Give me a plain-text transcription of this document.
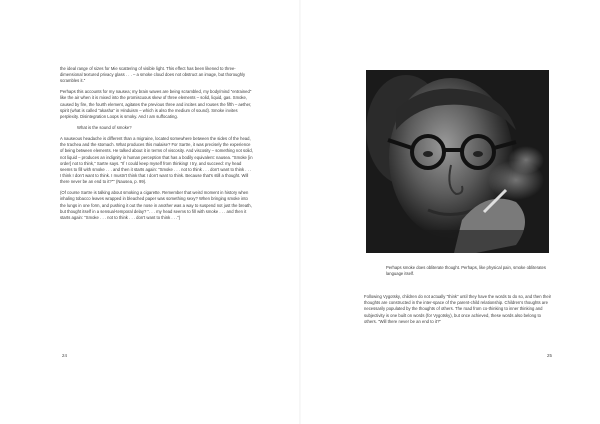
the ideal range of sizes for Mie scattering of visible light. This effect has been likened to three-dimensional textured privacy glass . . . – a smoke cloud does not obstruct an image, but thoroughly scrambles it."

Perhaps this accounts for my nausea; my brain waves are being scrambled, my body/mind "entrained" like the air when it is mixed into the promiscuous skew of three elements – solid, liquid, gas. Smoke, caused by fire, the fourth element, agitates the previous three and incites and rouses the fifth – aether, spirit (what is called "akasha" in Hinduism – which is also the medium of sound). Smoke invites perplexity. Disintegration Loops is smoky. And I am suffocating.

What is the sound of smoke?

A nauseous headache is different than a migraine, located somewhere between the sides of the head, the trachea and the stomach. What produces this malaise? For Sartre, it was precisely the experience of being between elements. He talked about it in terms of viscosity. And viscosity – something not solid, not liquid – produces an indignity in human perception that has a bodily equivalent: nausea. "Smoke [in order] not to think," Sartre says. "If I could keep myself from thinking! I try, and succeed: my head seems to fill with smoke . . . and then it starts again: "Smoke . . . not to think . . . don't want to think . . . I think I don't want to think. I mustn't think that I don't want to think. Because that's still a thought. Will there never be an end to it?"" (Nausea, p. 99).

(Of course Sartre is talking about smoking a cigarette. Remember that weird moment in history when inhaling tobacco leaves wrapped in bleached paper was something sexy? When bringing smoke into the lungs in one form, and pushing it out the nose in another was a way to suspend not just the breath, but thought itself in a sensual-temporal delay? ". . . my head seems to fill with smoke . . . and then it starts again: "Smoke . . . not to think . . . don't want to think . . .")

24
Perhaps smoke does obliterate thought. Perhaps, like physical pain, smoke obliterates language itself.

Following Vygotsky, children do not actually "think" until they have the words to do so, and then their thoughts are constructed in the inter-space of the parent-child relationship. Children's thoughts are necessarily populated by the thoughts of others. The road from co-thinking to inner thinking and subjectivity is one built on words (for Vygotsky), but once achieved, these words also belong to others. "Will there never be an end to it?"

25
